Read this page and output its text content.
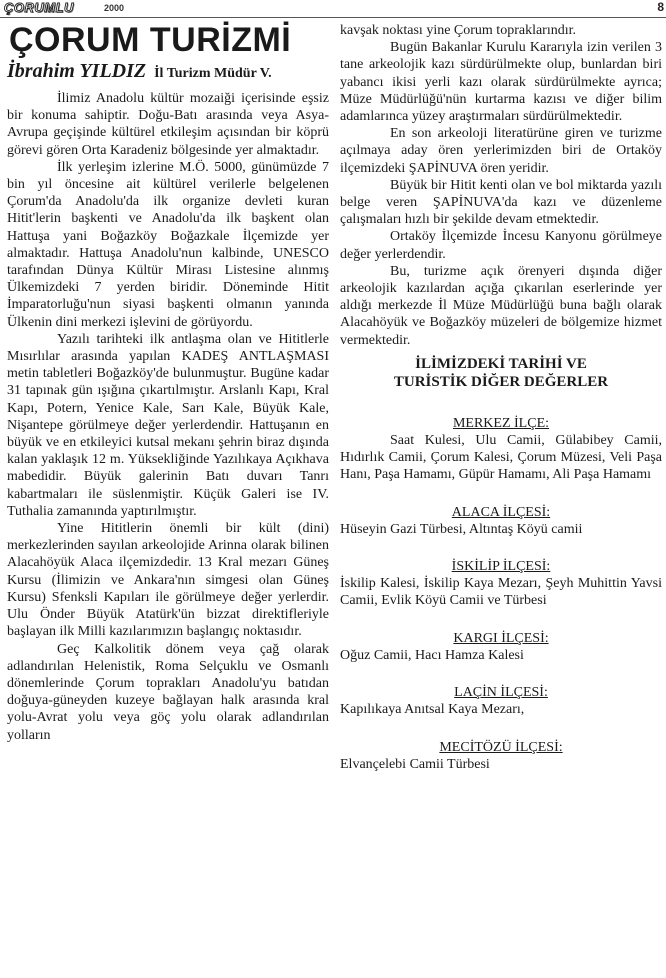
ÇORUMLU	2000	8
ÇORUM TURİZMİ
İbrahim YILDIZ İl Turizm Müdür V.

İlimiz Anadolu kültür mozaiği içerisinde eşsiz bir konuma sahiptir. Doğu-Batı arasında veya Asya-Avrupa geçişinde kültürel etkileşim açısından bir köprü görevi gören Orta Karadeniz bölgesinde yer almaktadır.

İlk yerleşim izlerine M.Ö. 5000, günümüzde 7 bin yıl öncesine ait kültürel verilerle belgelenen Çorum'da Anadolu'da ilk organize devleti kuran Hitit'lerin başkenti ve Anadolu'da ilk başkent olan Hattuşa yani Boğazköy Boğazkale İlçemizde yer almaktadır. Hattuşa Anadolu'nun kalbinde, UNESCO tarafından Dünya Kültür Mirası Listesine alınmış Ülkemizdeki 7 yerden biridir. Döneminde Hitit İmparatorluğu'nun siyasi başkenti olmanın yanında Ülkenin dini merkezi işlevini de görüyordu.

Yazılı tarihteki ilk antlaşma olan ve Hititlerle Mısırlılar arasında yapılan KADEŞ ANTLAŞMASI metin tabletleri Boğazköy'de bulunmuştur. Bugüne kadar 31 tapınak gün ışığına çıkartılmıştır. Arslanlı Kapı, Kral Kapı, Potern, Yenice Kale, Sarı Kale, Büyük Kale, Nişantepe görülmeye değer yerlerdendir. Hattuşanın en büyük ve en etkileyici kutsal mekanı şehrin biraz dışında kalan yaklaşık 12 m. Yüksekliğinde Yazılıkaya Açıkhava mabedidir. Büyük galerinin Batı duvarı Tanrı kabartmaları ile süslenmiştir. Küçük Galeri ise IV. Tuthalia zamanında yaptırılmıştır.

Yine Hititlerin önemli bir kült (dini) merkezlerinden sayılan arkeolojide Arinna olarak bilinen Alacahöyük Alaca ilçemizdedir. 13 Kral mezarı Güneş Kursu (İlimizin ve Ankara'nın simgesi olan Güneş Kursu) Sfenksli Kapıları ile görülmeye değer yerlerdir. Ulu Önder Büyük Atatürk'ün bizzat direktifleriyle başlayan ilk Milli kazılarımızın başlangıç noktasıdır.

Geç Kalkolitik dönem veya çağ olarak adlandırılan Helenistik, Roma Selçuklu ve Osmanlı dönemlerinde Çorum toprakları Anadolu'yu batıdan doğuya-güneyden kuzeye bağlayan halk arasında kral yolu-Avrat yolu veya göç yolu olarak adlandırılan yolların

kavşak noktası yine Çorum topraklarındır.

Bugün Bakanlar Kurulu Kararıyla izin verilen 3 tane arkeolojik kazı sürdürülmekte olup, bunlardan biri yabancı ikisi yerli kazı olarak sürdürülmekte ayrıca; Müze Müdürlüğü'nün kurtarma kazısı ve diğer bilim adamlarınca yüzey araştırmaları sürdürülmektedir.

En son arkeoloji literatürüne giren ve turizme açılmaya aday ören yerlerimizden biri de Ortaköy ilçemizdeki ŞAPİNUVA ören yeridir.

Büyük bir Hitit kenti olan ve bol miktarda yazılı belge veren ŞAPİNUVA'da kazı ve düzenleme çalışmaları hızlı bir şekilde devam etmektedir.

Ortaköy İlçemizde İncesu Kanyonu görülmeye değer yerlerdendir.

Bu, turizme açık örenyeri dışında diğer arkeolojik kazılardan açığa çıkarılan eserlerinde yer aldığı merkezde İl Müze Müdürlüğü buna bağlı olarak Alacahöyük ve Boğazköy müzeleri de bölgemize hizmet vermektedir.

İLİMİZDEKİ TARİHİ VE
TURİSTİK DİĞER DEĞERLER

MERKEZ İLÇE:

Saat Kulesi, Ulu Camii, Gülabibey Camii, Hıdırlık Camii, Çorum Kalesi, Çorum Müzesi, Veli Paşa Hanı, Paşa Hamamı, Güpür Hamamı, Ali Paşa Hamamı

ALACA İLÇESİ:

Hüseyin Gazi Türbesi, Altıntaş Köyü camii

İSKİLİP İLÇESİ:

İskilip Kalesi, İskilip Kaya Mezarı, Şeyh Muhittin Yavsi Camii, Evlik Köyü Camii ve Türbesi

KARGI İLÇESİ:

Oğuz Camii, Hacı Hamza Kalesi

LAÇİN İLÇESİ:

Kapılıkaya Anıtsal Kaya Mezarı,

MECİTÖZÜ İLÇESİ:

Elvançelebi Camii Türbesi
